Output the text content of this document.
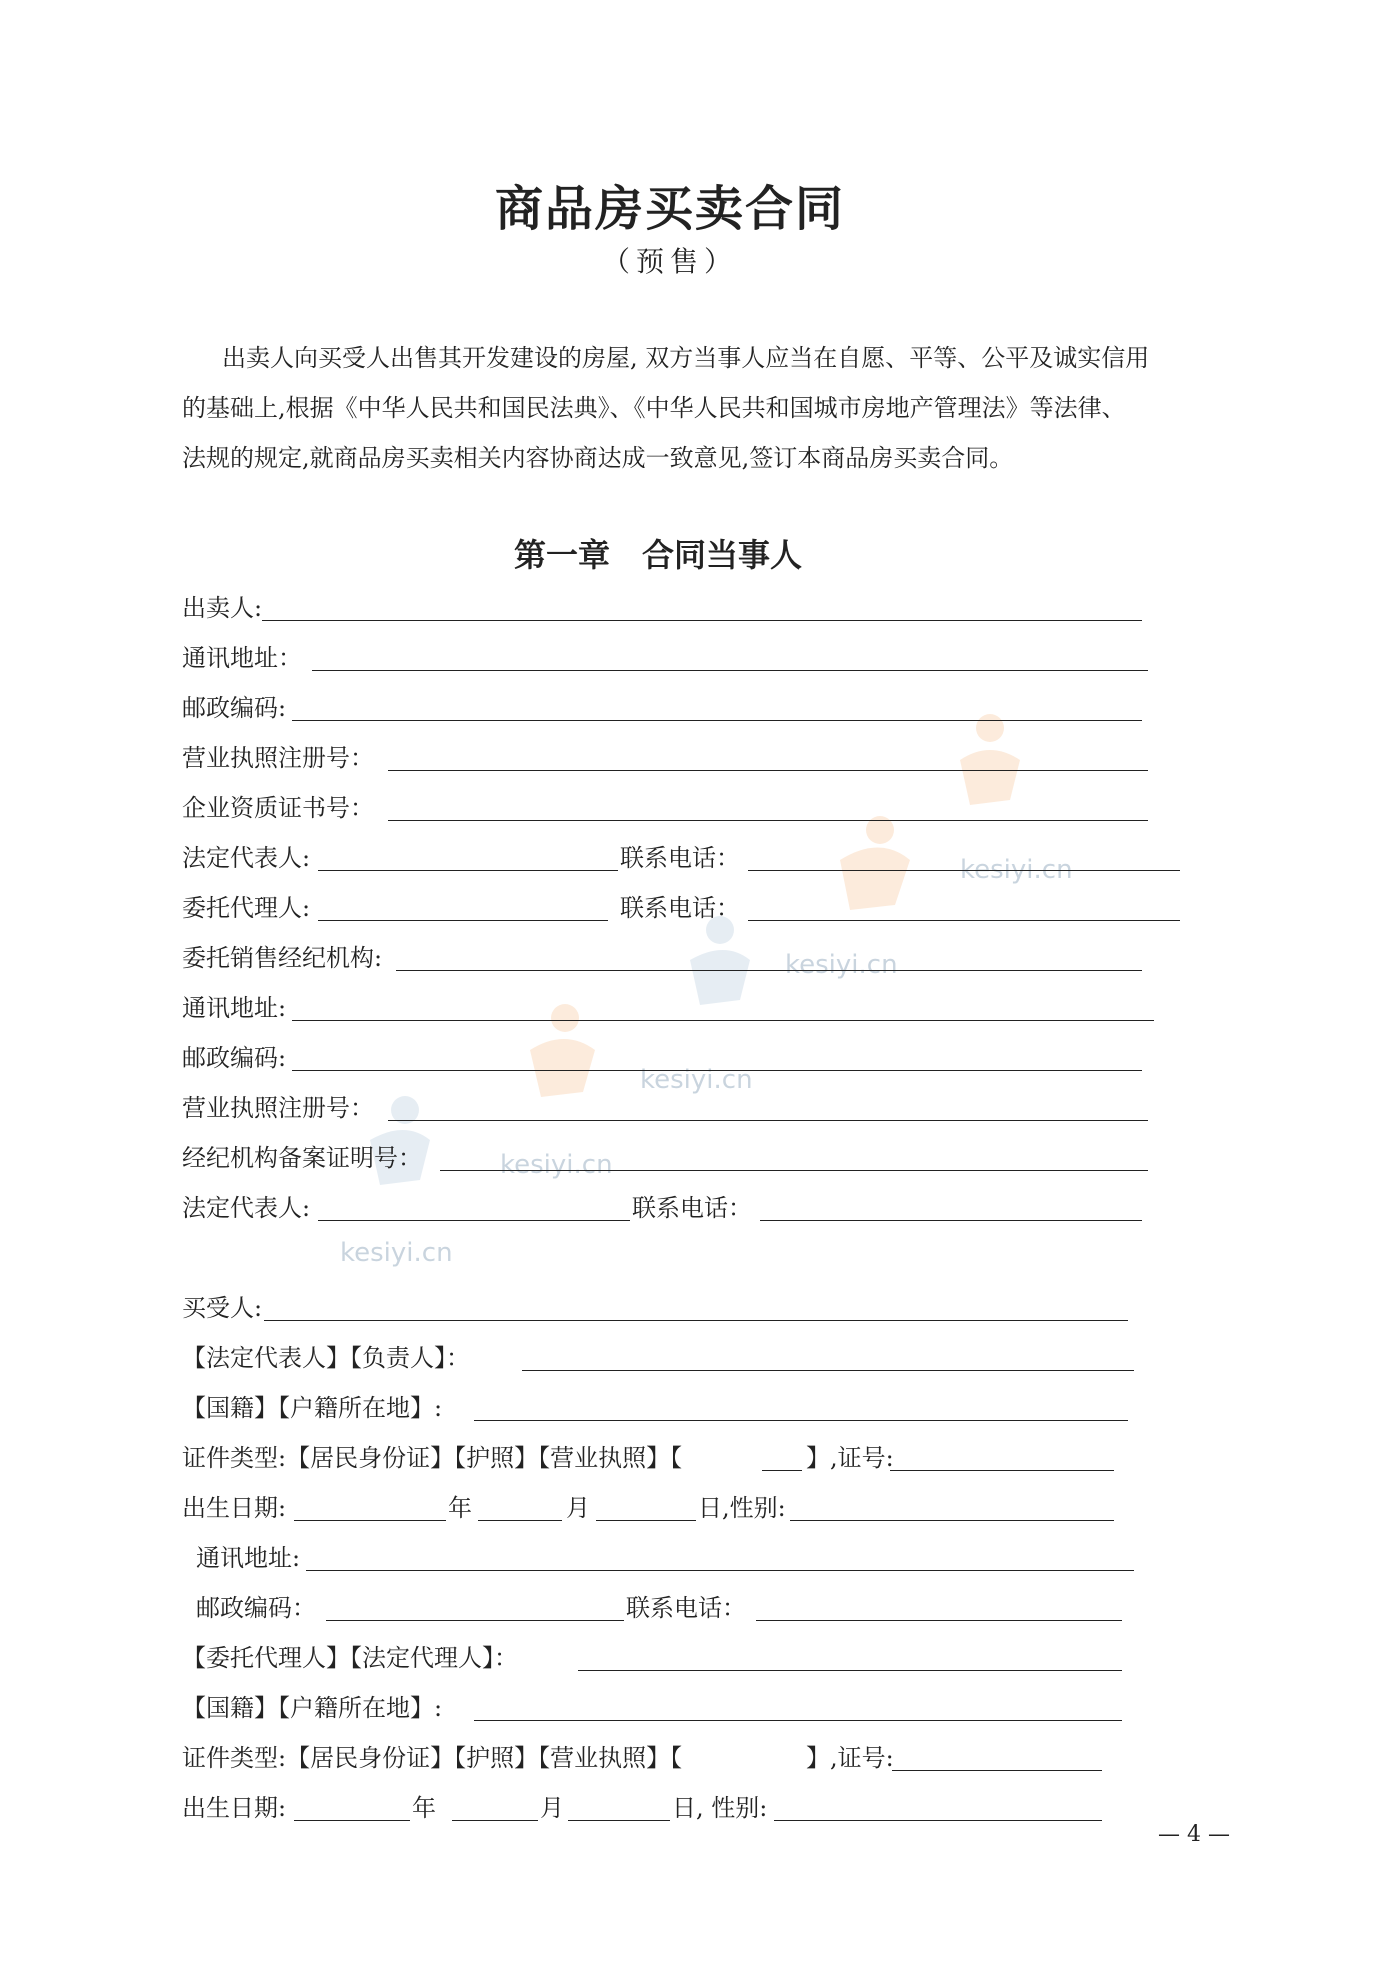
kesiyi.cn
kesiyi.cn
kesiyi.cn
kesiyi.cn
kesiyi.cn
商品房买卖合同
（预售）
出卖人向买受人出售其开发建设的房屋, 双方当事人应当在自愿、平等、公平及诚实信用
的基础上,根据《中华人民共和国民法典》、《中华人民共和国城市房地产管理法》等法律、
法规的规定,就商品房买卖相关内容协商达成一致意见,签订本商品房买卖合同。
第一章　合同当事人
出卖人:
通讯地址：
邮政编码:
营业执照注册号：
企业资质证书号：
法定代表人:	联系电话：
委托代理人:	联系电话：
委托销售经纪机构:
通讯地址:
邮政编码:
营业执照注册号：
经纪机构备案证明号：
法定代表人:	联系电话：
买受人:
【法定代表人】【负责人】：
【国籍】【户籍所在地】:
证件类型:【居民身份证】【护照】【营业执照】【	】,证号:
出生日期:	年	月	日,性别:
通讯地址:
邮政编码：	联系电话：
【委托代理人】【法定代理人】：
【国籍】【户籍所在地】:
证件类型:【居民身份证】【护照】【营业执照】【	】,证号:
出生日期:	年	月	日, 性别:
— 4 —
